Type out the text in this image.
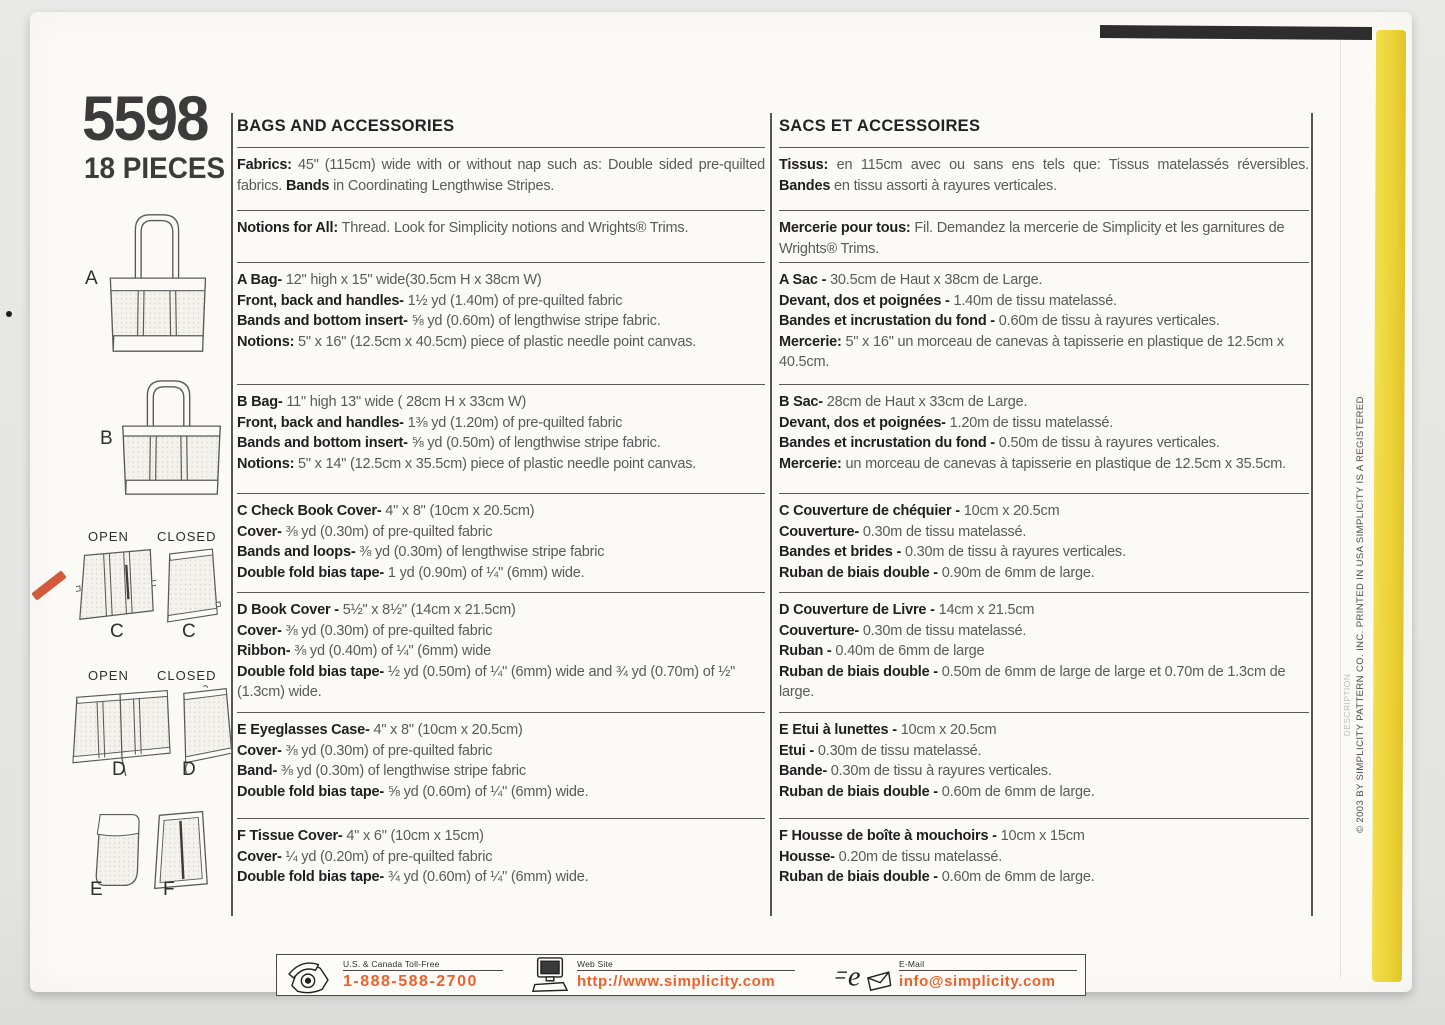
5598
18 PIECES
A
B
OPEN CLOSED
C	C
OPEN CLOSED
D	D
E	F
BAGS AND ACCESSORIES

Fabrics: 45" (115cm) wide with or without nap such as: Double sided pre-quilted fabrics. Bands in Coordinating Lengthwise Stripes.

Notions for All: Thread. Look for Simplicity notions and Wrights® Trims.

A Bag- 12" high x 15" wide(30.5cm H x 38cm W)

Front, back and handles- 1½ yd (1.40m) of pre-quilted fabric

Bands and bottom insert- ⅝ yd (0.60m) of lengthwise stripe fabric.

Notions: 5" x 16" (12.5cm x 40.5cm) piece of plastic needle point canvas.

B Bag- 11" high 13" wide ( 28cm H x 33cm W)

Front, back and handles- 1⅜ yd (1.20m) of pre-quilted fabric

Bands and bottom insert- ⅝ yd (0.50m) of lengthwise stripe fabric.

Notions: 5" x 14" (12.5cm x 35.5cm) piece of plastic needle point canvas.

C Check Book Cover- 4" x 8" (10cm x 20.5cm)

Cover- ⅜ yd (0.30m) of pre-quilted fabric

Bands and loops- ⅜ yd (0.30m) of lengthwise stripe fabric

Double fold bias tape- 1 yd (0.90m) of ¼" (6mm) wide.

D Book Cover - 5½" x 8½" (14cm x 21.5cm)

Cover- ⅜ yd (0.30m) of pre-quilted fabric

Ribbon- ⅜ yd (0.40m) of ¼" (6mm) wide

Double fold bias tape- ½ yd (0.50m) of ¼" (6mm) wide and ¾ yd (0.70m) of ½" (1.3cm) wide.

E Eyeglasses Case- 4" x 8" (10cm x 20.5cm)

Cover- ⅜ yd (0.30m) of pre-quilted fabric

Band- ⅜ yd (0.30m) of lengthwise stripe fabric

Double fold bias tape- ⅝ yd (0.60m) of ¼" (6mm) wide.

F Tissue Cover- 4" x 6" (10cm x 15cm)

Cover- ¼ yd (0.20m) of pre-quilted fabric

Double fold bias tape- ¾ yd (0.60m) of ¼" (6mm) wide.

SACS ET ACCESSOIRES

Tissus: en 115cm avec ou sans ens tels que: Tissus matelassés réversibles. Bandes en tissu assorti à rayures verticales.

Mercerie pour tous: Fil. Demandez la mercerie de Simplicity et les garnitures de Wrights® Trims.

A Sac - 30.5cm de Haut x 38cm de Large.

Devant, dos et poignées - 1.40m de tissu matelassé.

Bandes et incrustation du fond - 0.60m de tissu à rayures verticales.

Mercerie: 5" x 16" un morceau de canevas à tapisserie en plastique de 12.5cm x 40.5cm.

B Sac- 28cm de Haut x 33cm de Large.

Devant, dos et poignées- 1.20m de tissu matelassé.

Bandes et incrustation du fond - 0.50m de tissu à rayures verticales.

Mercerie: un morceau de canevas à tapisserie en plastique de 12.5cm x 35.5cm.

C Couverture de chéquier - 10cm x 20.5cm

Couverture- 0.30m de tissu matelassé.

Bandes et brides - 0.30m de tissu à rayures verticales.

Ruban de biais double - 0.90m de 6mm de large.

D Couverture de Livre - 14cm x 21.5cm

Couverture- 0.30m de tissu matelassé.

Ruban - 0.40m de 6mm de large

Ruban de biais double - 0.50m de 6mm de large de large et 0.70m de 1.3cm de large.

E Etui à lunettes - 10cm x 20.5cm

Etui - 0.30m de tissu matelassé.

Bande- 0.30m de tissu à rayures verticales.

Ruban de biais double - 0.60m de 6mm de large.

F Housse de boîte à mouchoirs - 10cm x 15cm

Housse- 0.20m de tissu matelassé.

Ruban de biais double - 0.60m de 6mm de large.

© 2003 BY SIMPLICITY PATTERN CO. INC. PRINTED IN USA SIMPLICITY IS A REGISTERED
DESCRIPTION
U.S. & Canada Toll-Free
1-888-588-2700
Web Site
http://www.simplicity.com	e	E-Mail
info@simplicity.com
